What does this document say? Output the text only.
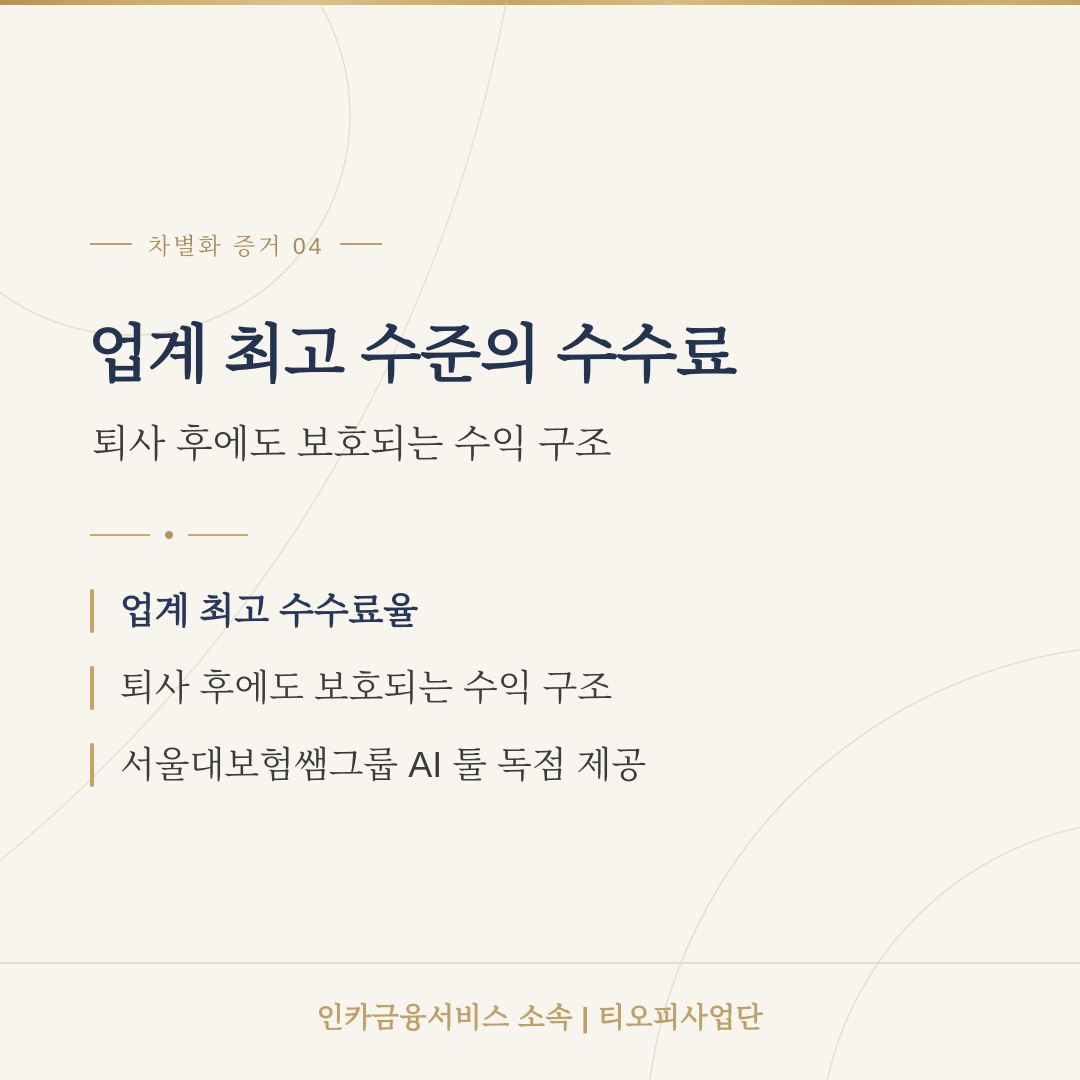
차별화 증거 04
업계 최고 수준의 수수료

퇴사 후에도 보호되는 수익 구조

업계 최고 수수료율
퇴사 후에도 보호되는 수익 구조
서울대보험쌤그룹 AI 툴 독점 제공
인카금융서비스 소속 | 티오피사업단
